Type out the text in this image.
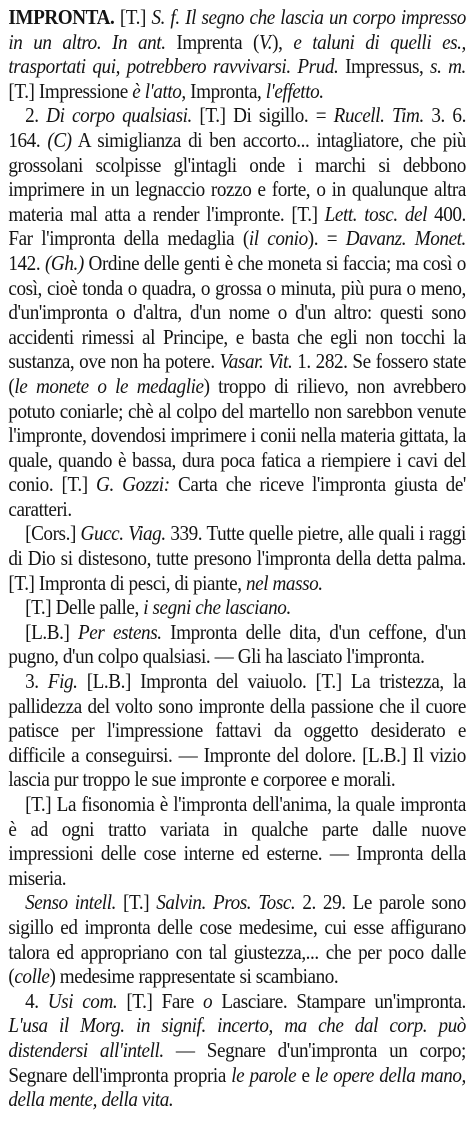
IMPRONTA. [T.] S. f. Il segno che lascia un corpo impresso in un altro. In ant. Imprenta (V.), e taluni di quelli es., trasportati qui, potrebbero ravvivarsi. Prud. Impressus, s. m. [T.] Impressione è l'atto, Impronta, l'effetto.

2. Di corpo qualsiasi. [T.] Di sigillo. = Rucell. Tim. 3. 6. 164. (C) A simiglianza di ben accorto... intagliatore, che più grossolani scolpisse gl'intagli onde i marchi si debbono imprimere in un legnaccio rozzo e forte, o in qualunque altra materia mal atta a render l'impronte. [T.] Lett. tosc. del 400. Far l'impronta della medaglia (il conio). = Davanz. Monet. 142. (Gh.) Ordine delle genti è che moneta si faccia; ma così o così, cioè tonda o quadra, o grossa o minuta, più pura o meno, d'un'impronta o d'altra, d'un nome o d'un altro: questi sono accidenti rimessi al Principe, e basta che egli non tocchi la sustanza, ove non ha potere. Vasar. Vit. 1. 282. Se fossero state (le monete o le medaglie) troppo di rilievo, non avrebbero potuto coniarle; chè al colpo del martello non sarebbon venute l'impronte, dovendosi imprimere i conii nella materia gittata, la quale, quando è bassa, dura poca fatica a riempiere i cavi del conio. [T.] G. Gozzi: Carta che riceve l'impronta giusta de' caratteri.

[Cors.] Gucc. Viag. 339. Tutte quelle pietre, alle quali i raggi di Dio si distesono, tutte presono l'impronta della detta palma. [T.] Impronta di pesci, di piante, nel masso.

[T.] Delle palle, i segni che lasciano.

[L.B.] Per estens. Impronta delle dita, d'un ceffone, d'un pugno, d'un colpo qualsiasi. — Gli ha lasciato l'impronta.

3. Fig. [L.B.] Impronta del vaiuolo. [T.] La tristezza, la pallidezza del volto sono impronte della passione che il cuore patisce per l'impressione fattavi da oggetto desiderato e difficile a conseguirsi. — Impronte del dolore. [L.B.] Il vizio lascia pur troppo le sue impronte e corporee e morali.

[T.] La fisonomia è l'impronta dell'anima, la quale impronta è ad ogni tratto variata in qualche parte dalle nuove impressioni delle cose interne ed esterne. — Impronta della miseria.

Senso intell. [T.] Salvin. Pros. Tosc. 2. 29. Le parole sono sigillo ed impronta delle cose medesime, cui esse affigurano talora ed appropriano con tal giustezza,... che per poco dalle (colle) medesime rappresentate si scambiano.

4. Usi com. [T.] Fare o Lasciare. Stampare un'impronta. L'usa il Morg. in signif. incerto, ma che dal corp. può distendersi all'intell. — Segnare d'un'impronta un corpo; Segnare dell'impronta propria le parole e le opere della mano, della mente, della vita.
